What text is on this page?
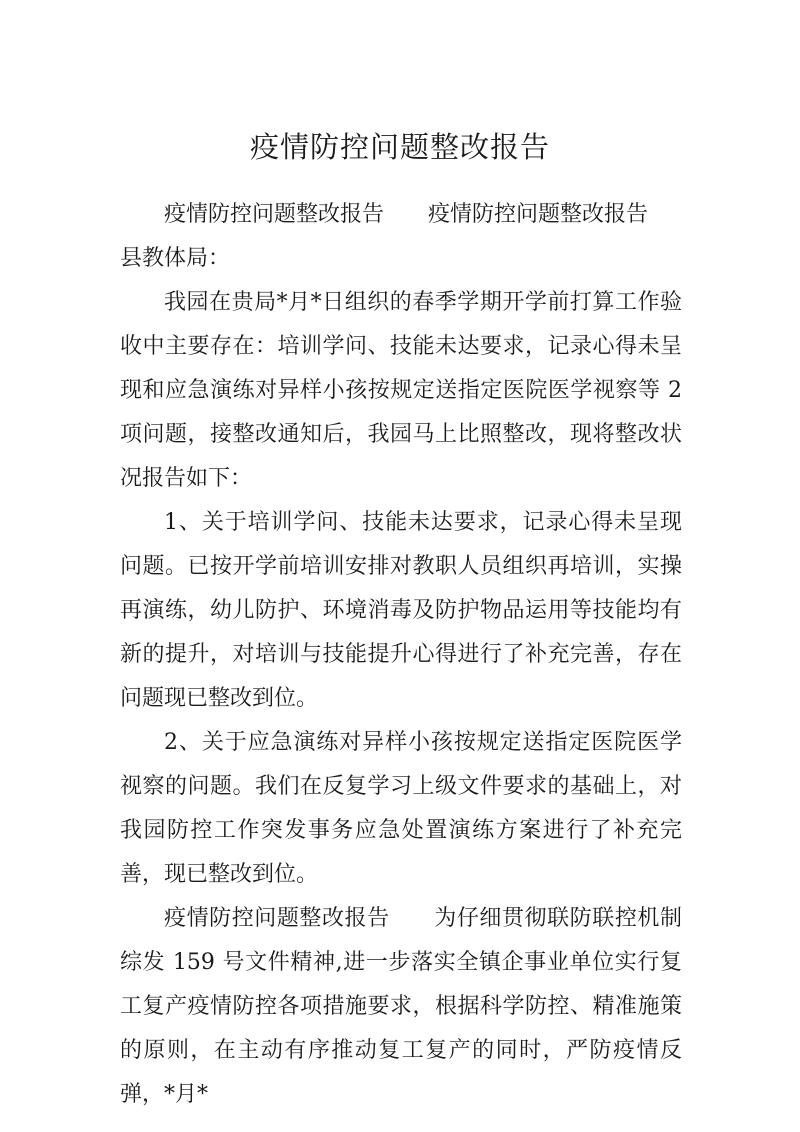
疫情防控问题整改报告

疫情防控问题整改报告 疫情防控问题整改报告

县教体局：

我园在贵局*月*日组织的春季学期开学前打算工作验收中主要存在：培训学问、技能未达要求，记录心得未呈现和应急演练对异样小孩按规定送指定医院医学视察等 2 项问题，接整改通知后，我园马上比照整改，现将整改状况报告如下：

1、关于培训学问、技能未达要求，记录心得未呈现问题。已按开学前培训安排对教职人员组织再培训，实操再演练，幼儿防护、环境消毒及防护物品运用等技能均有新的提升，对培训与技能提升心得进行了补充完善，存在问题现已整改到位。

2、关于应急演练对异样小孩按规定送指定医院医学视察的问题。我们在反复学习上级文件要求的基础上，对我园防控工作突发事务应急处置演练方案进行了补充完善，现已整改到位。

疫情防控问题整改报告 为仔细贯彻联防联控机制综发 159 号文件精神,进一步落实全镇企事业单位实行复工复产疫情防控各项措施要求，根据科学防控、精准施策的原则，在主动有序推动复工复产的同时，严防疫情反弹，*月*
